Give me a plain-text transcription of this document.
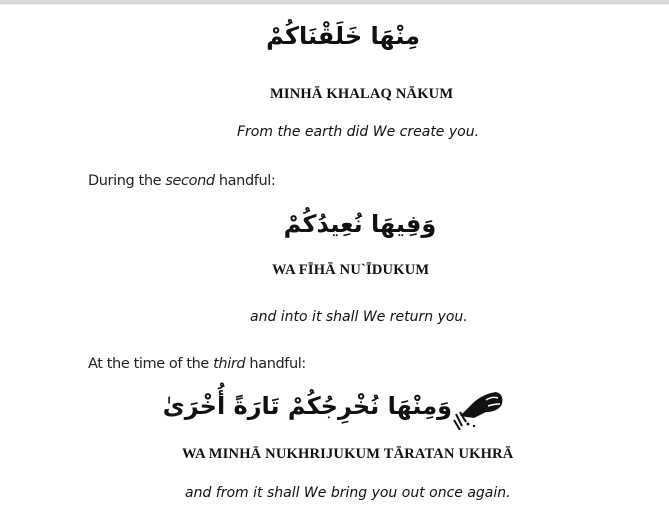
مِنْهَا خَلَقْنَاكُمْ
MINHĀ KHALAQ NĀKUM
From the earth did We create you.
During the second handful:
وَفِيهَا نُعِيدُكُمْ
WA FĪHĀ NU`ĪDUKUM
and into it shall We return you.
At the time of the third handful:
وَمِنْهَا نُخْرِجُكُمْ تَارَةً أُخْرَىٰ
WA MINHĀ NUKHRIJUKUM TĀRATAN UKHRĀ
and from it shall We bring you out once again.
